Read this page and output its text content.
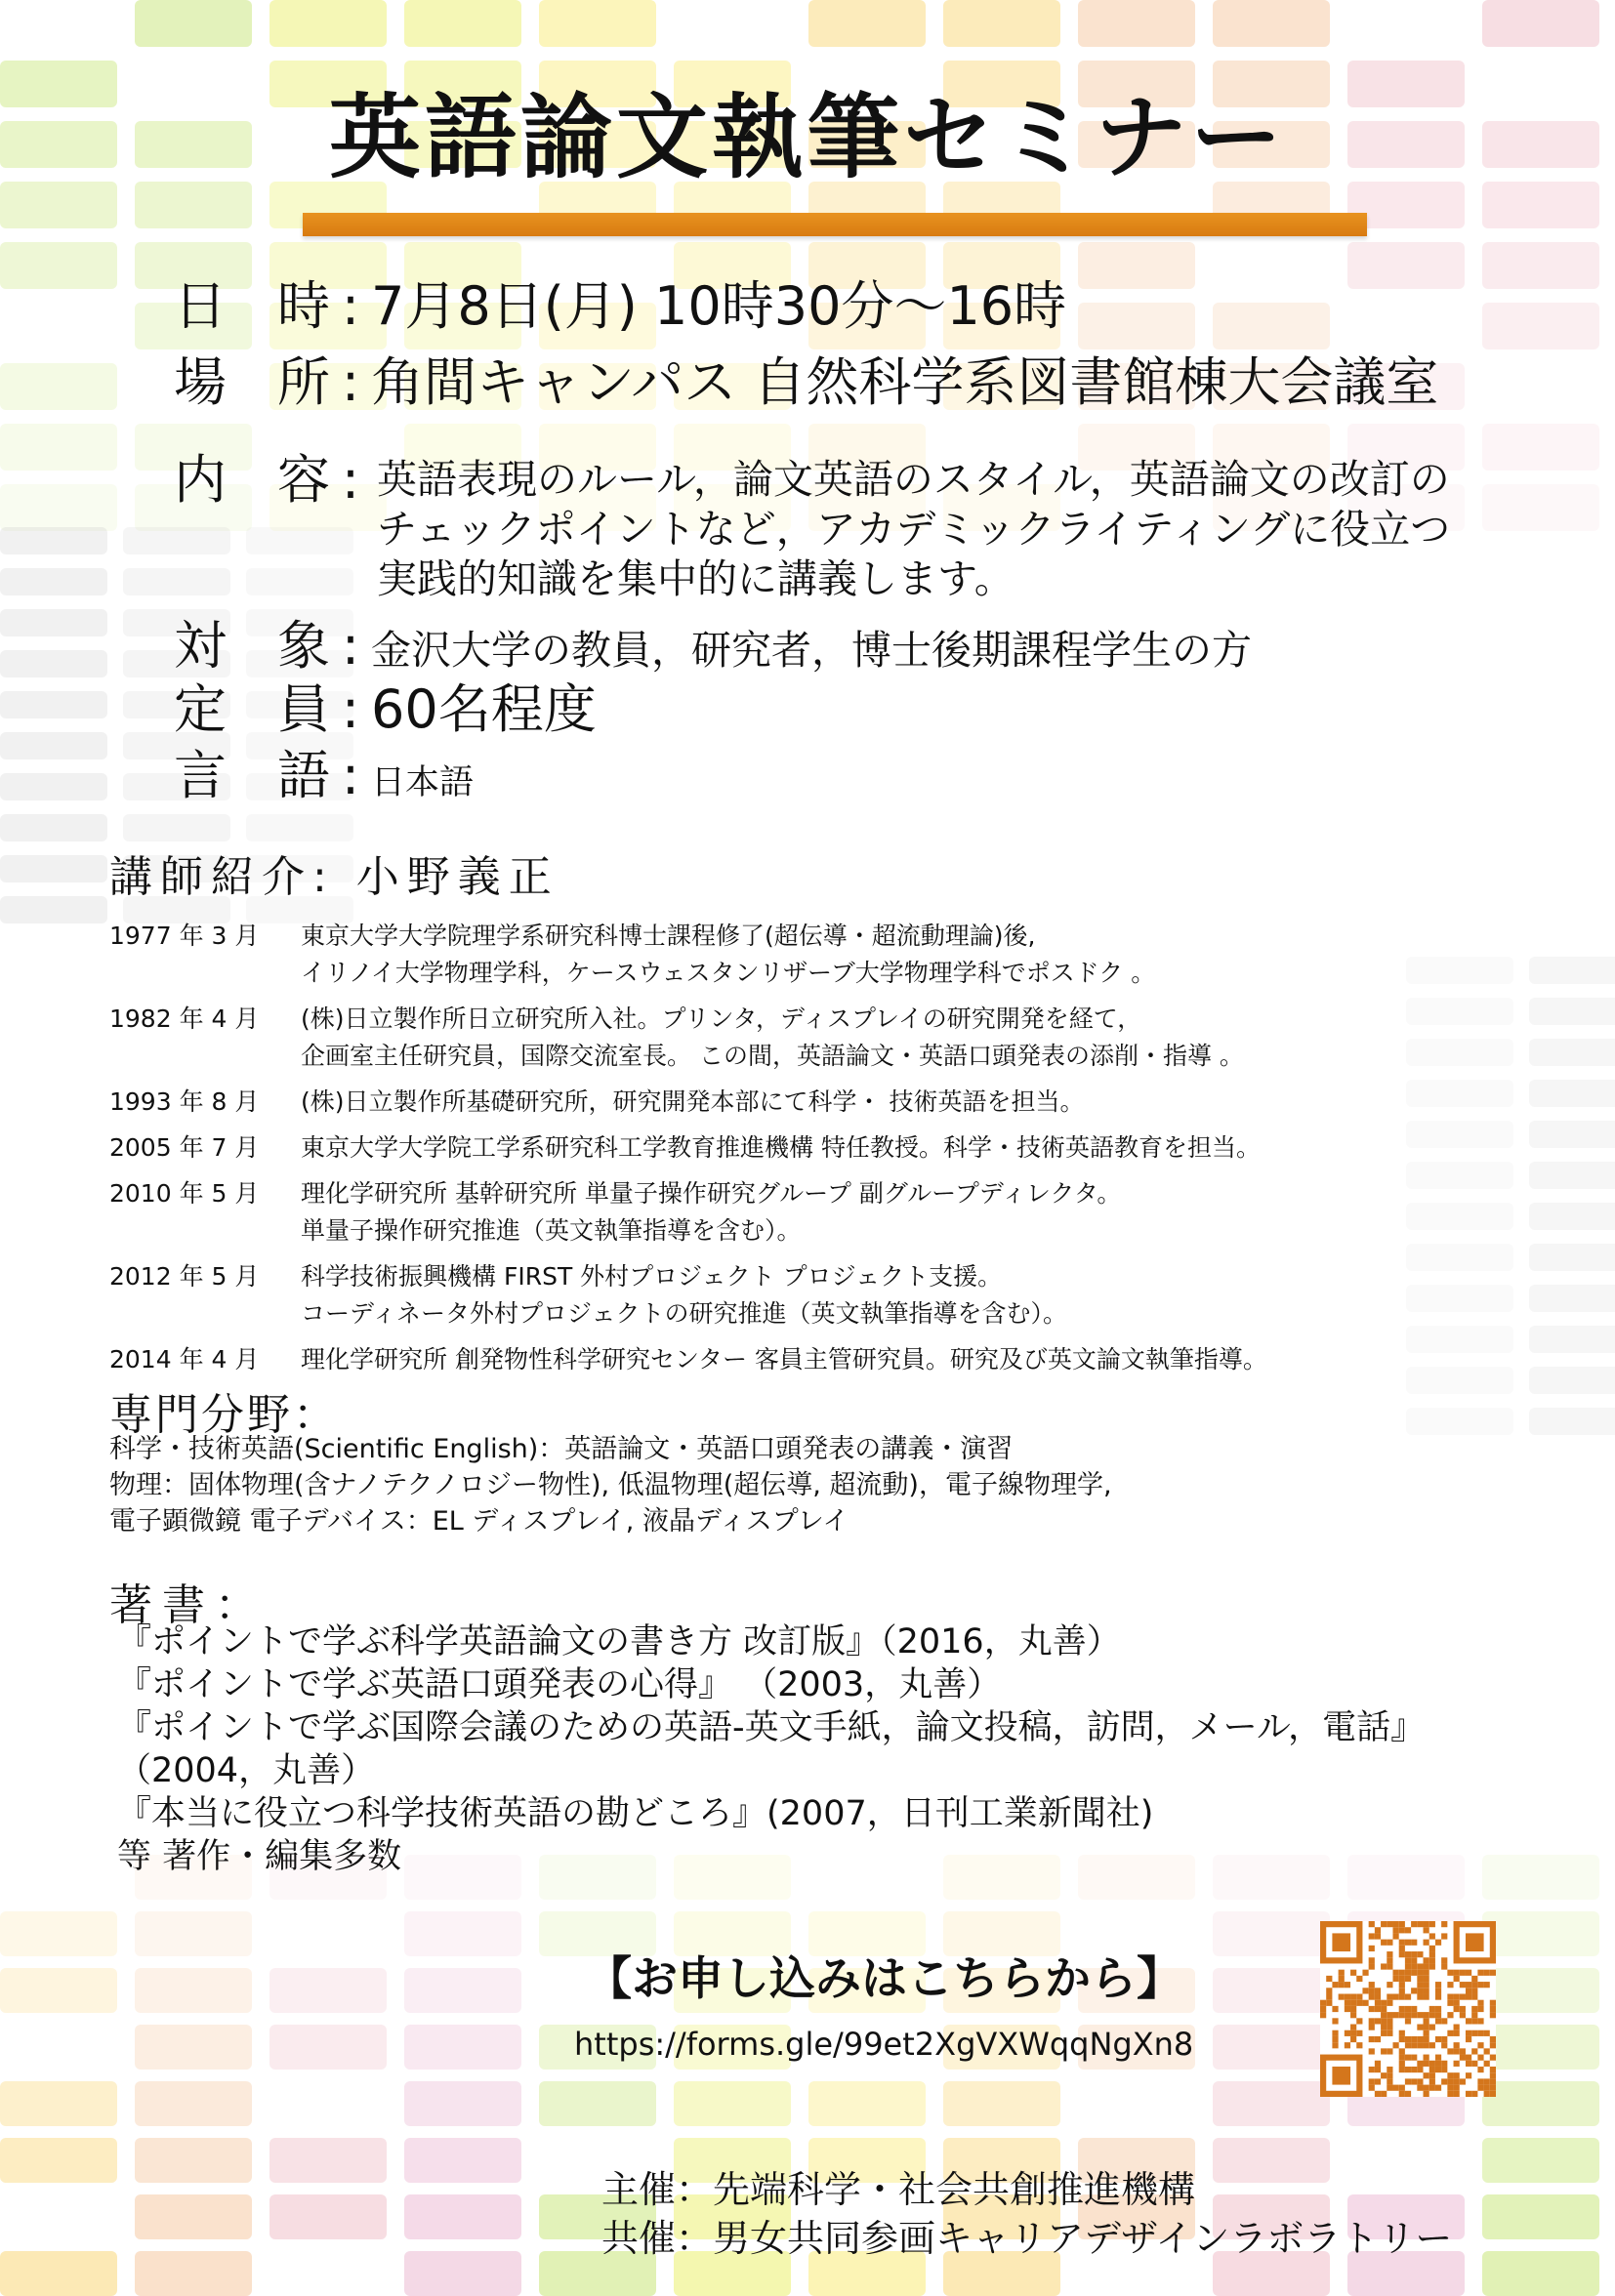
英語論文執筆セミナー
日 時 : 7月8日(月) 10時30分～16時
場 所 : 角間キャンパス 自然科学系図書館棟大会議室
内 容 : 英語表現のルール，論文英語のスタイル，英語論文の改訂の
チェックポイントなど，アカデミックライティングに役立つ
実践的知識を集中的に講義します。
対 象 : 金沢大学の教員，研究者，博士後期課程学生の方
定 員 : 60名程度
言 語 : 日本語
講師紹介: 小野義正
1977 年 3 月	東京大学大学院理学系研究科博士課程修了(超伝導・超流動理論)後,
イリノイ大学物理学科，ケースウェスタンリザーブ大学物理学科でポスドク 。
1982 年 4 月	(株)日立製作所日立研究所入社。プリンタ，ディスプレイの研究開発を経て，
企画室主任研究員，国際交流室長。 この間，英語論文・英語口頭発表の添削・指導 。
1993 年 8 月	(株)日立製作所基礎研究所，研究開発本部にて科学・ 技術英語を担当。
2005 年 7 月	東京大学大学院工学系研究科工学教育推進機構 特任教授。科学・技術英語教育を担当。
2010 年 5 月	理化学研究所 基幹研究所 単量子操作研究グループ 副グループディレクタ。
単量子操作研究推進（英文執筆指導を含む）。
2012 年 5 月	科学技術振興機構 FIRST 外村プロジェクト プロジェクト支援。
コーディネータ外村プロジェクトの研究推進（英文執筆指導を含む）。
2014 年 4 月	理化学研究所 創発物性科学研究センター 客員主管研究員。研究及び英文論文執筆指導。
専門分野：
科学・技術英語(Scientific English)：英語論文・英語口頭発表の講義・演習
物理：固体物理(含ナノテクノロジー物性), 低温物理(超伝導, 超流動)，電子線物理学,
電子顕微鏡 電子デバイス：EL ディスプレイ, 液晶ディスプレイ
著書：
『ポイントで学ぶ科学英語論文の書き方 改訂版』（2016，丸善）
『ポイントで学ぶ英語口頭発表の心得』 （2003，丸善）
『ポイントで学ぶ国際会議のための英語-英文手紙，論文投稿，訪問，メール，電話』
（2004，丸善）
『本当に役立つ科学技術英語の勘どころ』(2007，日刊工業新聞社)
等 著作・編集多数
【お申し込みはこちらから】
https://forms.gle/99et2XgVXWqqNgXn8
主催：先端科学・社会共創推進機構
共催：男女共同参画キャリアデザインラボラトリー
